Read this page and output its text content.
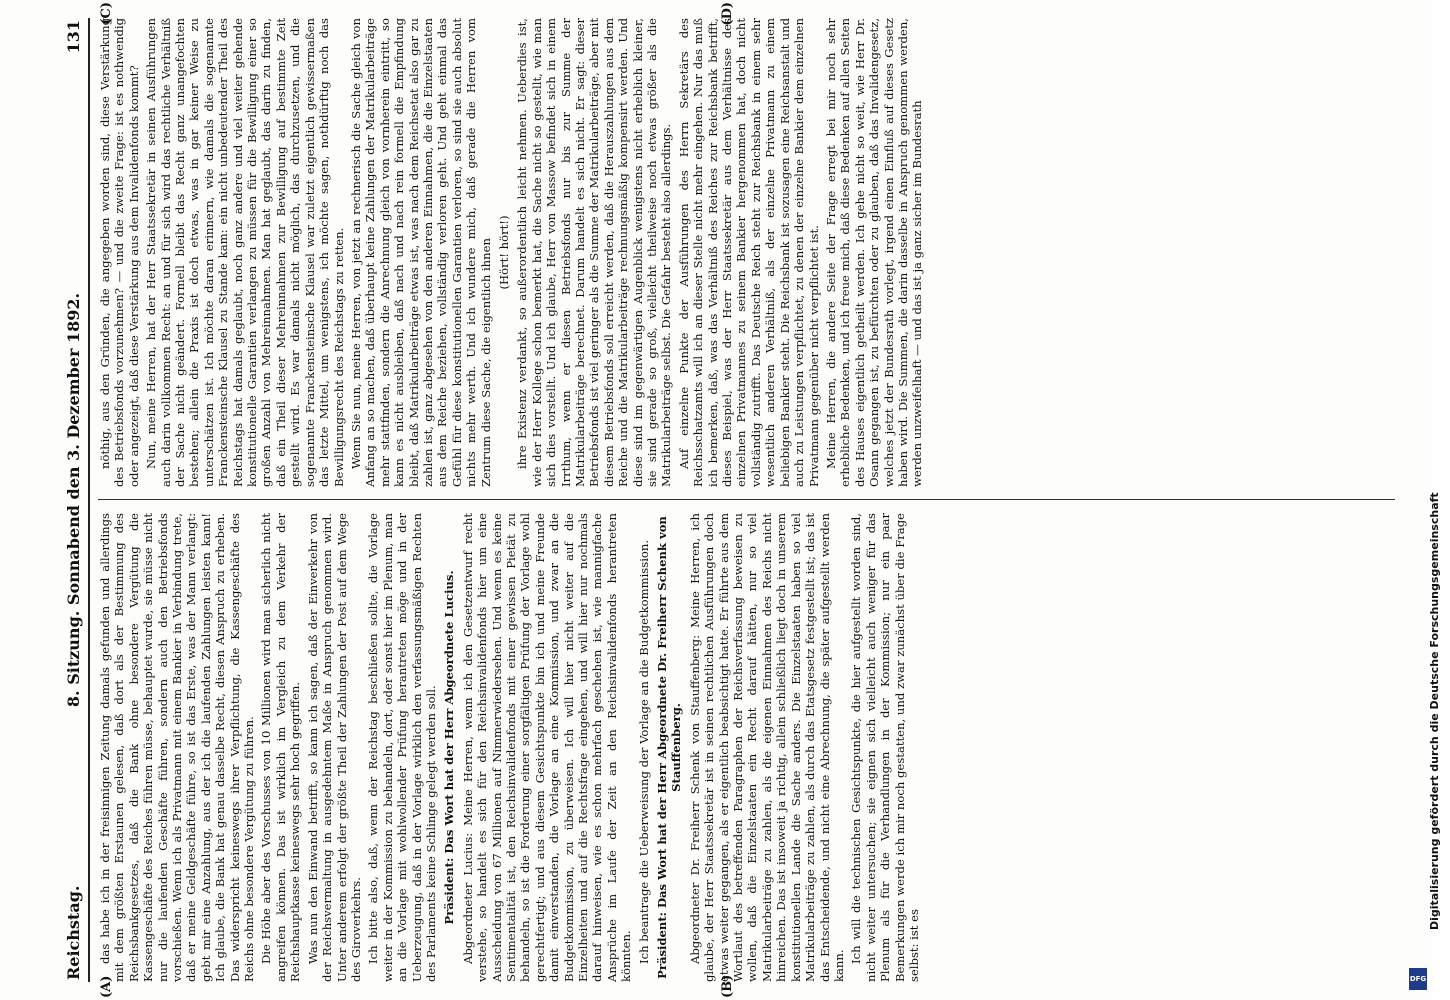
Reichstag.
8. Sitzung. Sonnabend den 3. Dezember 1892.
131
(A)	(B)

das habe ich in der freisinnigen Zeitung damals gefunden und allerdings mit dem größten Erstaunen gelesen, daß dort als der Bestimmung des Reichsbankgesetzes, daß die Bank ohne besondere Vergütung die Kassengeschäfte des Reiches führen müsse, behauptet wurde, sie müsse nicht nur die laufenden Geschäfte führen, sondern auch den Betriebsfonds vorschießen. Wenn ich als Privatmann mit einem Bankier in Verbindung trete, daß er meine Geldgeschäfte führe, so ist das Erste, was der Mann verlangt: gebt mir eine Anzahlung, aus der ich die laufenden Zahlungen leisten kann! Ich glaube, die Bank hat genau dasselbe Recht, diesen Anspruch zu erheben. Das widerspricht keineswegs ihrer Verpflichtung, die Kassengeschäfte des Reichs ohne besondere Vergütung zu führen. Die Höhe aber des Vorschusses von 10 Millionen wird man sicherlich nicht angreifen können. Das ist wirklich im Vergleich zu dem Verkehr der Reichshauptkasse keineswegs sehr hoch gegriffen. Was nun den Einwand betrifft, so kann ich sagen, daß der Einverkehr von der Reichsvermaltung in ausgedehntem Maße in Anspruch genommen wird. Unter anderem erfolgt der größte Theil der Zahlungen der Post auf dem Wege des Giroverkehrs. Ich bitte also, daß, wenn der Reichstag beschließen sollte, die Vorlage weiter in der Kommission zu behandeln, dort, oder sonst hier im Plenum, man an die Vorlage mit wohlwollender Prüfung herantreten möge und in der Ueberzeugung, daß in der Vorlage wirklich den verfassungsmäßigen Rechten des Parlaments keine Schlinge gelegt werden soll. Präsident: Das Wort hat der Herr Abgeordnete Lucius. Abgeordneter Lucius: Meine Herren, wenn ich den Gesetzentwurf recht verstehe, so handelt es sich für den Reichsinvalidenfonds hier um eine Ausscheidung von 67 Millionen auf Nimmerwiedersehen. Und wenn es keine Sentimentalität ist, den Reichsinvalidenfonds mit einer gewissen Pietät zu behandeln, so ist die Forderung einer sorgfältigen Prüfung der Vorlage wohl gerechtfertigt; und aus diesem Gesichtspunkte bin ich und meine Freunde damit einverstanden, die Vorlage an eine Kommission, und zwar an die Budgetkommission, zu überweisen. Ich will hier nicht weiter auf die Einzelheiten und auf die Rechtsfrage eingehen, und will hier nur nochmals darauf hinweisen, wie es schon mehrfach geschehen ist, wie mannigfache Ansprüche im Laufe der Zeit an den Reichsinvalidenfonds herantreten könnten. Ich beantrage die Ueberweisung der Vorlage an die Budgetkommission. Präsident: Das Wort hat der Herr Abgeordnete Dr. Freiherr Schenk von Stauffenberg. Abgeordneter Dr. Freiherr Schenk von Stauffenberg: Meine Herren, ich glaube, der Herr Staatssekretär ist in seinen rechtlichen Ausführungen doch etwas weiter gegangen, als er eigentlich beabsichtigt hatte. Er führte aus dem Wortlaut des betreffenden Paragraphen der Reichsverfassung beweisen zu wollen, daß die Einzelstaaten ein Recht darauf hätten, nur so viel Matrikularbeiträge zu zahlen, als die eigenen Einnahmen des Reichs nicht hinreichen. Das ist insoweit ja richtig, allein schließlich liegt doch in unserem konstitutionellen Lande die Sache anders. Die Einzelstaaten haben so viel Matrikularbeiträge zu zahlen, als durch das Etatsgesetz festgestellt ist; das ist das Entscheidende, und nicht eine Abrechnung, die später aufgestellt werden kann.

Ich will die technischen Gesichtspunkte, die hier aufgestellt worden sind, nicht weiter untersuchen; sie eignen sich vielleicht auch weniger für das Plenum als für die Verhandlungen in der Kommission; nur ein paar Bemerkungen werde ich mir noch gestatten, und zwar zunächst über die Frage selbst: ist es

(C)	(D)

nöthig, aus den Gründen, die angegeben worden sind, diese Verstärkung des Betriebsfonds vorzunehmen? — und die zweite Frage: ist es nothwendig oder angezeigt, daß diese Verstärkung aus dem Invalidenfonds kommt? Nun, meine Herren, hat der Herr Staatssekretär in seinen Ausführungen auch darin vollkommen Recht: an und für sich wird das rechtliche Verhältniß der Sache nicht geändert. Formell bleibt das Recht ganz unangefochten bestehen; allein die Praxis ist doch etwas, was in gar keiner Weise zu unterschätzen ist. Ich möchte daran erinnern, wie damals die sogenannte Franckensteinsche Klausel zu Stande kam: ein nicht unbedeutender Theil des Reichstags hat damals geglaubt, noch ganz andere und viel weiter gehende konstitutionelle Garantien verlangen zu müssen für die Bewilligung einer so großen Anzahl von Mehreinnahmen. Man hat geglaubt, das darin zu finden, daß ein Theil dieser Mehreinnahmen zur Bewilligung auf bestimmte Zeit gestellt wird. Es war damals nicht möglich, das durchzusetzen, und die sogenannte Franckensteinsche Klausel war zuletzt eigentlich gewissermaßen das letzte Mittel, um wenigstens, ich möchte sagen, nothdürftig noch das Bewilligungsrecht des Reichstags zu retten. Wenn Sie nun, meine Herren, von jetzt an rechnerisch die Sache gleich von Anfang an so machen, daß überhaupt keine Zahlungen der Matrikularbeiträge mehr stattfinden, sondern die Anrechnung gleich von vornherein eintritt, so kann es nicht ausbleiben, daß nach und nach rein formell die Empfindung bleibt, daß Matrikularbeiträge etwas ist, was nach dem Reichsetat also gar zu zahlen ist, ganz abgesehen von den anderen Einnahmen, die die Einzelstaaten aus dem Reiche beziehen, vollständig verloren geht. Und geht einmal das Gefühl für diese konstitutionellen Garantien verloren, so sind sie auch absolut nichts mehr werth. Und ich wundere mich, daß gerade die Herren vom Zentrum diese Sache, die eigentlich ihnen (Hört! hört!) ihre Existenz verdankt, so außerordentlich leicht nehmen. Ueberdies ist, wie der Herr Kollege schon bemerkt hat, die Sache nicht so gestellt, wie man sich dies vorstellt. Und ich glaube, Herr von Massow befindet sich in einem Irrthum, wenn er diesen Betriebsfonds nur bis zur Summe der Matrikularbeiträge berechnet. Darum handelt es sich nicht. Er sagt: dieser Betriebsfonds ist viel geringer als die Summe der Matrikularbeiträge, aber mit diesem Betriebsfonds soll erreicht werden, daß die Herauszahlungen aus dem Reiche und die Matrikularbeiträge rechnungsmäßig kompensirt werden. Und diese sind im gegenwärtigen Augenblick wenigstens nicht erheblich kleiner, sie sind gerade so groß, vielleicht theilweise noch etwas größer als die Matrikularbeiträge selbst. Die Gefahr besteht also allerdings. Auf einzelne Punkte der Ausführungen des Herrn Sekretärs des Reichsschatzamts will ich an dieser Stelle nicht mehr eingehen. Nur das muß ich bemerken, daß, was das Verhältniß des Reiches zur Reichsbank betrifft, dieses Beispiel, was der Herr Staatssekretär aus dem Verhältnisse des einzelnen Privatmannes zu seinem Bankier hergenommen hat, doch nicht vollständig zutrifft. Das Deutsche Reich steht zur Reichsbank in einem sehr wesentlich anderen Verhältniß, als der einzelne Privatmann zu einem beliebigen Bankier steht. Die Reichsbank ist sozusagen eine Reichsanstalt und auch zu Leistungen verpflichtet, zu denen der einzelne Bankier dem einzelnen Privatmann gegenüber nicht verpflichtet ist. Meine Herren, die andere Seite der Frage erregt bei mir noch sehr erhebliche Bedenken, und ich freue mich, daß diese Bedenken auf allen Seiten des Hauses eigentlich getheilt werden. Ich gehe nicht so weit, wie Herr Dr. Osann gegangen ist, zu befürchten oder zu glauben, daß das Invalidengesetz, welches jetzt der Bundesrath vorlegt, irgend einen Einfluß auf dieses Gesetz haben wird. Die Summen, die darin dasselbe in Anspruch genommen werden, werden unzweifelhaft — und das ist ja ganz sicher im Bundesrath

Digitalisierung gefördert durch die Deutsche Forschungsgemeinschaft
DFG
